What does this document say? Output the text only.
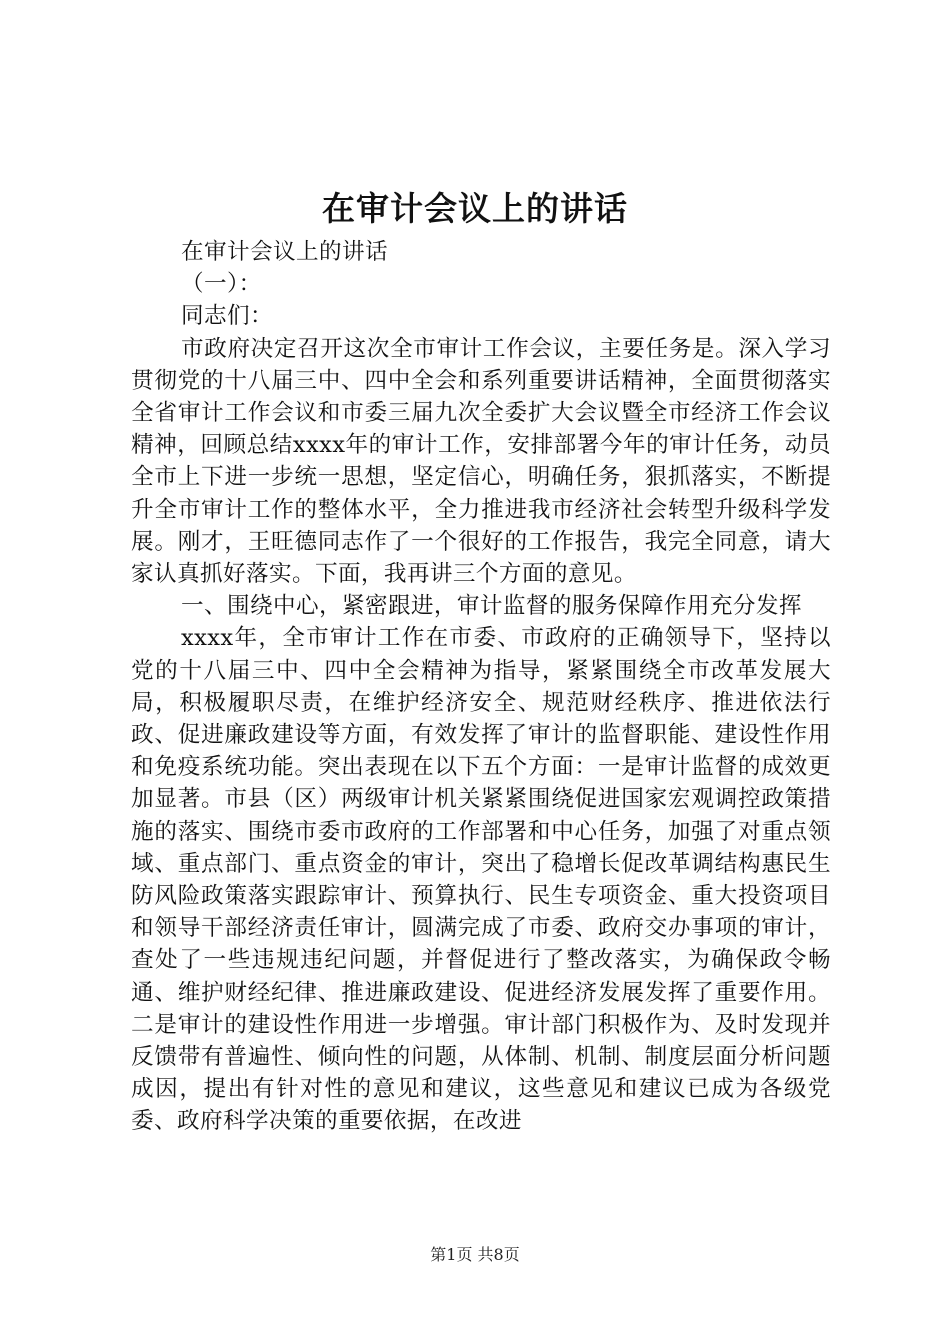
在审计会议上的讲话

在审计会议上的讲话

（一）：

同志们：

市政府决定召开这次全市审计工作会议，主要任务是。深入学习贯彻党的十八届三中、四中全会和系列重要讲话精神，全面贯彻落实全省审计工作会议和市委三届九次全委扩大会议暨全市经济工作会议精神，回顾总结xxxx年的审计工作，安排部署今年的审计任务，动员全市上下进一步统一思想，坚定信心，明确任务，狠抓落实，不断提升全市审计工作的整体水平，全力推进我市经济社会转型升级科学发展。刚才，王旺德同志作了一个很好的工作报告，我完全同意，请大家认真抓好落实。下面，我再讲三个方面的意见。

一、围绕中心，紧密跟进，审计监督的服务保障作用充分发挥

xxxx年，全市审计工作在市委、市政府的正确领导下，坚持以党的十八届三中、四中全会精神为指导，紧紧围绕全市改革发展大局，积极履职尽责，在维护经济安全、规范财经秩序、推进依法行政、促进廉政建设等方面，有效发挥了审计的监督职能、建设性作用和免疫系统功能。突出表现在以下五个方面：一是审计监督的成效更加显著。市县（区）两级审计机关紧紧围绕促进国家宏观调控政策措施的落实、围绕市委市政府的工作部署和中心任务，加强了对重点领域、重点部门、重点资金的审计，突出了稳增长促改革调结构惠民生防风险政策落实跟踪审计、预算执行、民生专项资金、重大投资项目和领导干部经济责任审计，圆满完成了市委、政府交办事项的审计，查处了一些违规违纪问题，并督促进行了整改落实，为确保政令畅通、维护财经纪律、推进廉政建设、促进经济发展发挥了重要作用。二是审计的建设性作用进一步增强。审计部门积极作为、及时发现并反馈带有普遍性、倾向性的问题，从体制、机制、制度层面分析问题成因，提出有针对性的意见和建议，这些意见和建议已成为各级党委、政府科学决策的重要依据，在改进

第1页 共8页
